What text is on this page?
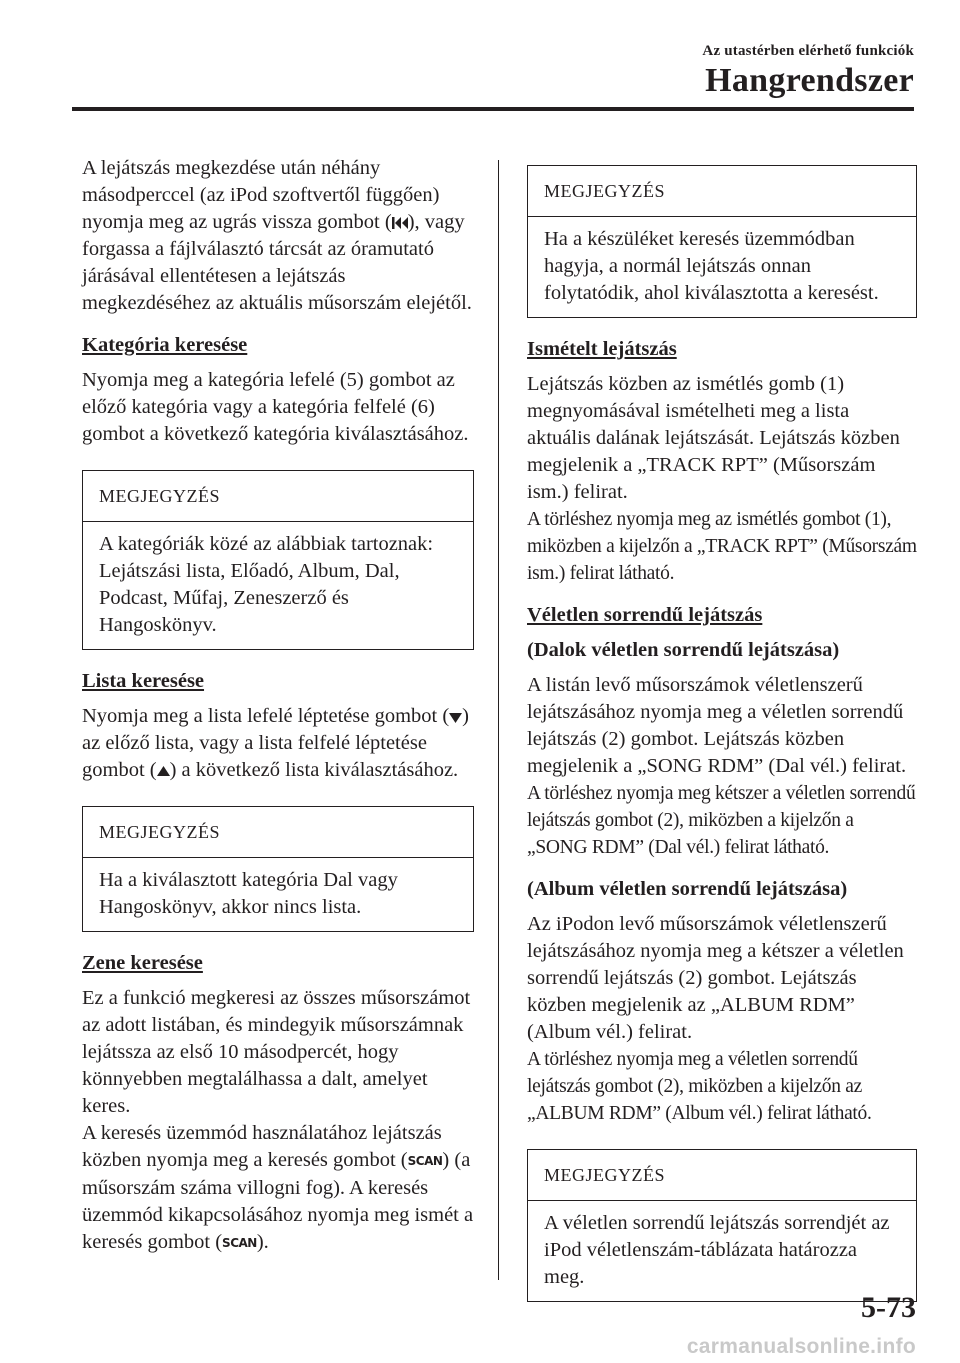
Az utastérben elérhető funkciók
Hangrendszer

A lejátszás megkezdése után néhány másodperccel (az iPod szoftvertől függően) nyomja meg az ugrás vissza gombot ( ), vagy forgassa a fájlválasztó tárcsát az óramutató járásával ellentétesen a lejátszás megkezdéséhez az aktuális műsorszám elejétől.

Kategória keresése

Nyomja meg a kategória lefelé (5) gombot az előző kategória vagy a kategória felfelé (6) gombot a következő kategória kiválasztásához.

MEGJEGYZÉS
A kategóriák közé az alábbiak tartoznak: Lejátszási lista, Előadó, Album, Dal, Podcast, Műfaj, Zeneszerző és Hangoskönyv.

Lista keresése

Nyomja meg a lista lefelé léptetése gombot ( ) az előző lista, vagy a lista felfelé léptetése gombot ( ) a következő lista kiválasztásához.

MEGJEGYZÉS
Ha a kiválasztott kategória Dal vagy Hangoskönyv, akkor nincs lista.

Zene keresése

Ez a funkció megkeresi az összes műsorszámot az adott listában, és mindegyik műsorszámnak lejátssza az első 10 másodpercét, hogy könnyebben megtalálhassa a dalt, amelyet keres.

A keresés üzemmód használatához lejátszás közben nyomja meg a keresés gombot (SCAN) (a műsorszám száma villogni fog). A keresés üzemmód kikapcsolásához nyomja meg ismét a keresés gombot (SCAN).

MEGJEGYZÉS
Ha a készüléket keresés üzemmódban hagyja, a normál lejátszás onnan folytatódik, ahol kiválasztotta a keresést.

Ismételt lejátszás

Lejátszás közben az ismétlés gomb (1) megnyomásával ismételheti meg a lista aktuális dalának lejátszását. Lejátszás közben megjelenik a „TRACK RPT” (Műsorszám ism.) felirat.

A törléshez nyomja meg az ismétlés gombot (1), miközben a kijelzőn a „TRACK RPT” (Műsorszám ism.) felirat látható.

Véletlen sorrendű lejátszás

(Dalok véletlen sorrendű lejátszása)

A listán levő műsorszámok véletlenszerű lejátszásához nyomja meg a véletlen sorrendű lejátszás (2) gombot. Lejátszás közben megjelenik a „SONG RDM” (Dal vél.) felirat.

A törléshez nyomja meg kétszer a véletlen sorrendű lejátszás gombot (2), miközben a kijelzőn a „SONG RDM” (Dal vél.) felirat látható.

(Album véletlen sorrendű lejátszása)

Az iPodon levő műsorszámok véletlenszerű lejátszásához nyomja meg a kétszer a véletlen sorrendű lejátszás (2) gombot. Lejátszás közben megjelenik az „ALBUM RDM” (Album vél.) felirat.

A törléshez nyomja meg a véletlen sorrendű lejátszás gombot (2), miközben a kijelzőn az „ALBUM RDM” (Album vél.) felirat látható.

MEGJEGYZÉS
A véletlen sorrendű lejátszás sorrendjét az iPod véletlenszám-táblázata határozza meg.
5-73
carmanualsonline.info
